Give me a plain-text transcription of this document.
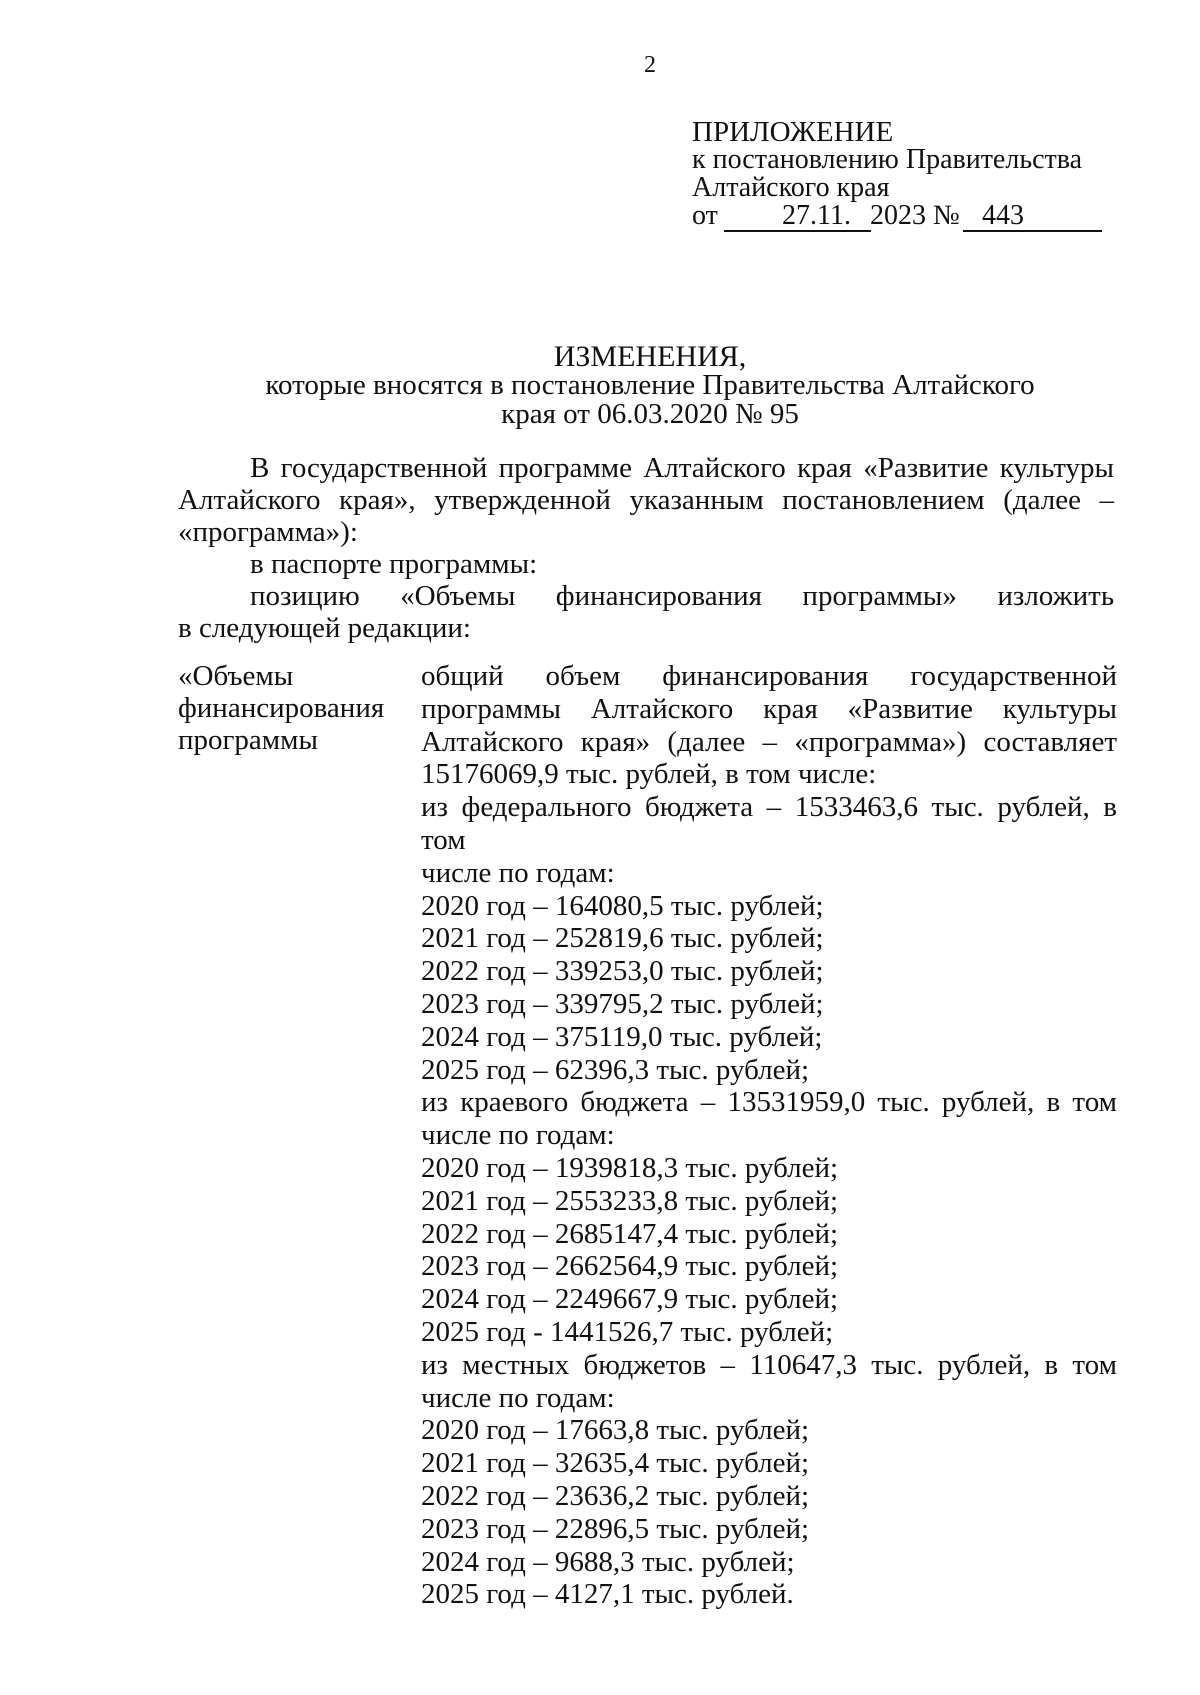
2
ПРИЛОЖЕНИЕ
к постановлению Правительства
Алтайского края
от 27.11. 2023 № 443
ИЗМЕНЕНИЯ,
которые вносятся в постановление Правительства Алтайского
края от 06.03.2020 № 95

В государственной программе Алтайского края «Развитие культуры Алтайского края», утвержденной указанным постановлением (далее – «программа»):

в паспорте программы:

позицию «Объемы финансирования программы» изложить

в следующей редакции:

«Объемы
финансирования
программы
общий объем финансирования государственной
программы Алтайского края «Развитие культуры
Алтайского края» (далее – «программа») составляет
15176069,9 тыс. рублей, в том числе:
из федерального бюджета – 1533463,6 тыс. рублей, в том
числе по годам:
2020 год – 164080,5 тыс. рублей;
2021 год – 252819,6 тыс. рублей;
2022 год – 339253,0 тыс. рублей;
2023 год – 339795,2 тыс. рублей;
2024 год – 375119,0 тыс. рублей;
2025 год – 62396,3 тыс. рублей;
из краевого бюджета – 13531959,0 тыс. рублей, в том
числе по годам:
2020 год – 1939818,3 тыс. рублей;
2021 год – 2553233,8 тыс. рублей;
2022 год – 2685147,4 тыс. рублей;
2023 год – 2662564,9 тыс. рублей;
2024 год – 2249667,9 тыс. рублей;
2025 год - 1441526,7 тыс. рублей;
из местных бюджетов – 110647,3 тыс. рублей, в том
числе по годам:
2020 год – 17663,8 тыс. рублей;
2021 год – 32635,4 тыс. рублей;
2022 год – 23636,2 тыс. рублей;
2023 год – 22896,5 тыс. рублей;
2024 год – 9688,3 тыс. рублей;
2025 год – 4127,1 тыс. рублей.
